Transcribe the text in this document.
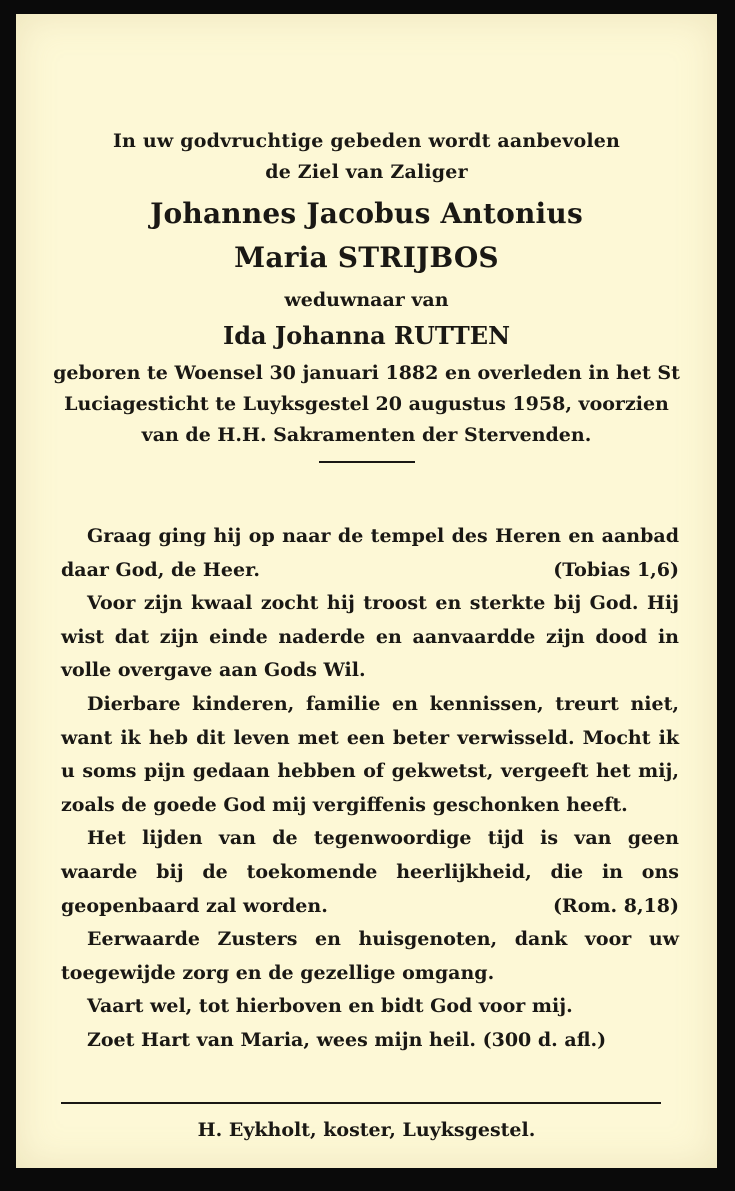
In uw godvruchtige gebeden wordt aanbevolen
de Ziel van Zaliger
Johannes Jacobus Antonius
Maria STRIJBOS
weduwnaar van
Ida Johanna RUTTEN
geboren te Woensel 30 januari 1882 en overleden in het St Luciagesticht te Luyksgestel 20 augustus 1958, voorzien van de H.H. Sakramenten der Stervenden.

Graag ging hij op naar de tempel des Heren en aanbad daar God, de Heer.	(Tobias 1,6)

Voor zijn kwaal zocht hij troost en sterkte bij God. Hij wist dat zijn einde naderde en aanvaardde zijn dood in volle overgave aan Gods Wil.

Dierbare kinderen, familie en kennissen, treurt niet, want ik heb dit leven met een beter verwisseld. Mocht ik u soms pijn gedaan hebben of gekwetst, vergeeft het mij, zoals de goede God mij vergiffenis geschonken heeft.

Het lijden van de tegenwoordige tijd is van geen waarde bij de toekomende heerlijkheid, die in ons geopenbaard zal worden.	(Rom. 8,18)

Eerwaarde Zusters en huisgenoten, dank voor uw toegewijde zorg en de gezellige omgang.

Vaart wel, tot hierboven en bidt God voor mij.

Zoet Hart van Maria, wees mijn heil. (300 d. afl.)

H. Eykholt, koster, Luyksgestel.
